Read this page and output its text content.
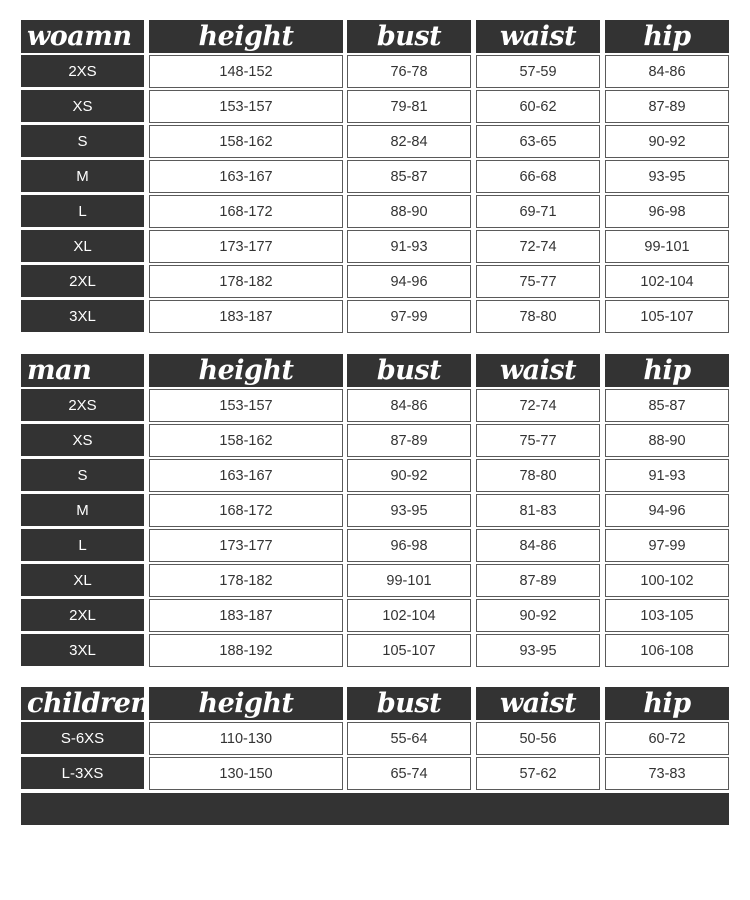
woamn	height	bust	waist	hip
2XS	148-152	76-78	57-59	84-86
XS	153-157	79-81	60-62	87-89
S	158-162	82-84	63-65	90-92
M	163-167	85-87	66-68	93-95
L	168-172	88-90	69-71	96-98
XL	173-177	91-93	72-74	99-101
2XL	178-182	94-96	75-77	102-104
3XL	183-187	97-99	78-80	105-107
man	height	bust	waist	hip
2XS	153-157	84-86	72-74	85-87
XS	158-162	87-89	75-77	88-90
S	163-167	90-92	78-80	91-93
M	168-172	93-95	81-83	94-96
L	173-177	96-98	84-86	97-99
XL	178-182	99-101	87-89	100-102
2XL	183-187	102-104	90-92	103-105
3XL	188-192	105-107	93-95	106-108
children	height	bust	waist	hip
S-6XS	110-130	55-64	50-56	60-72
L-3XS	130-150	65-74	57-62	73-83
